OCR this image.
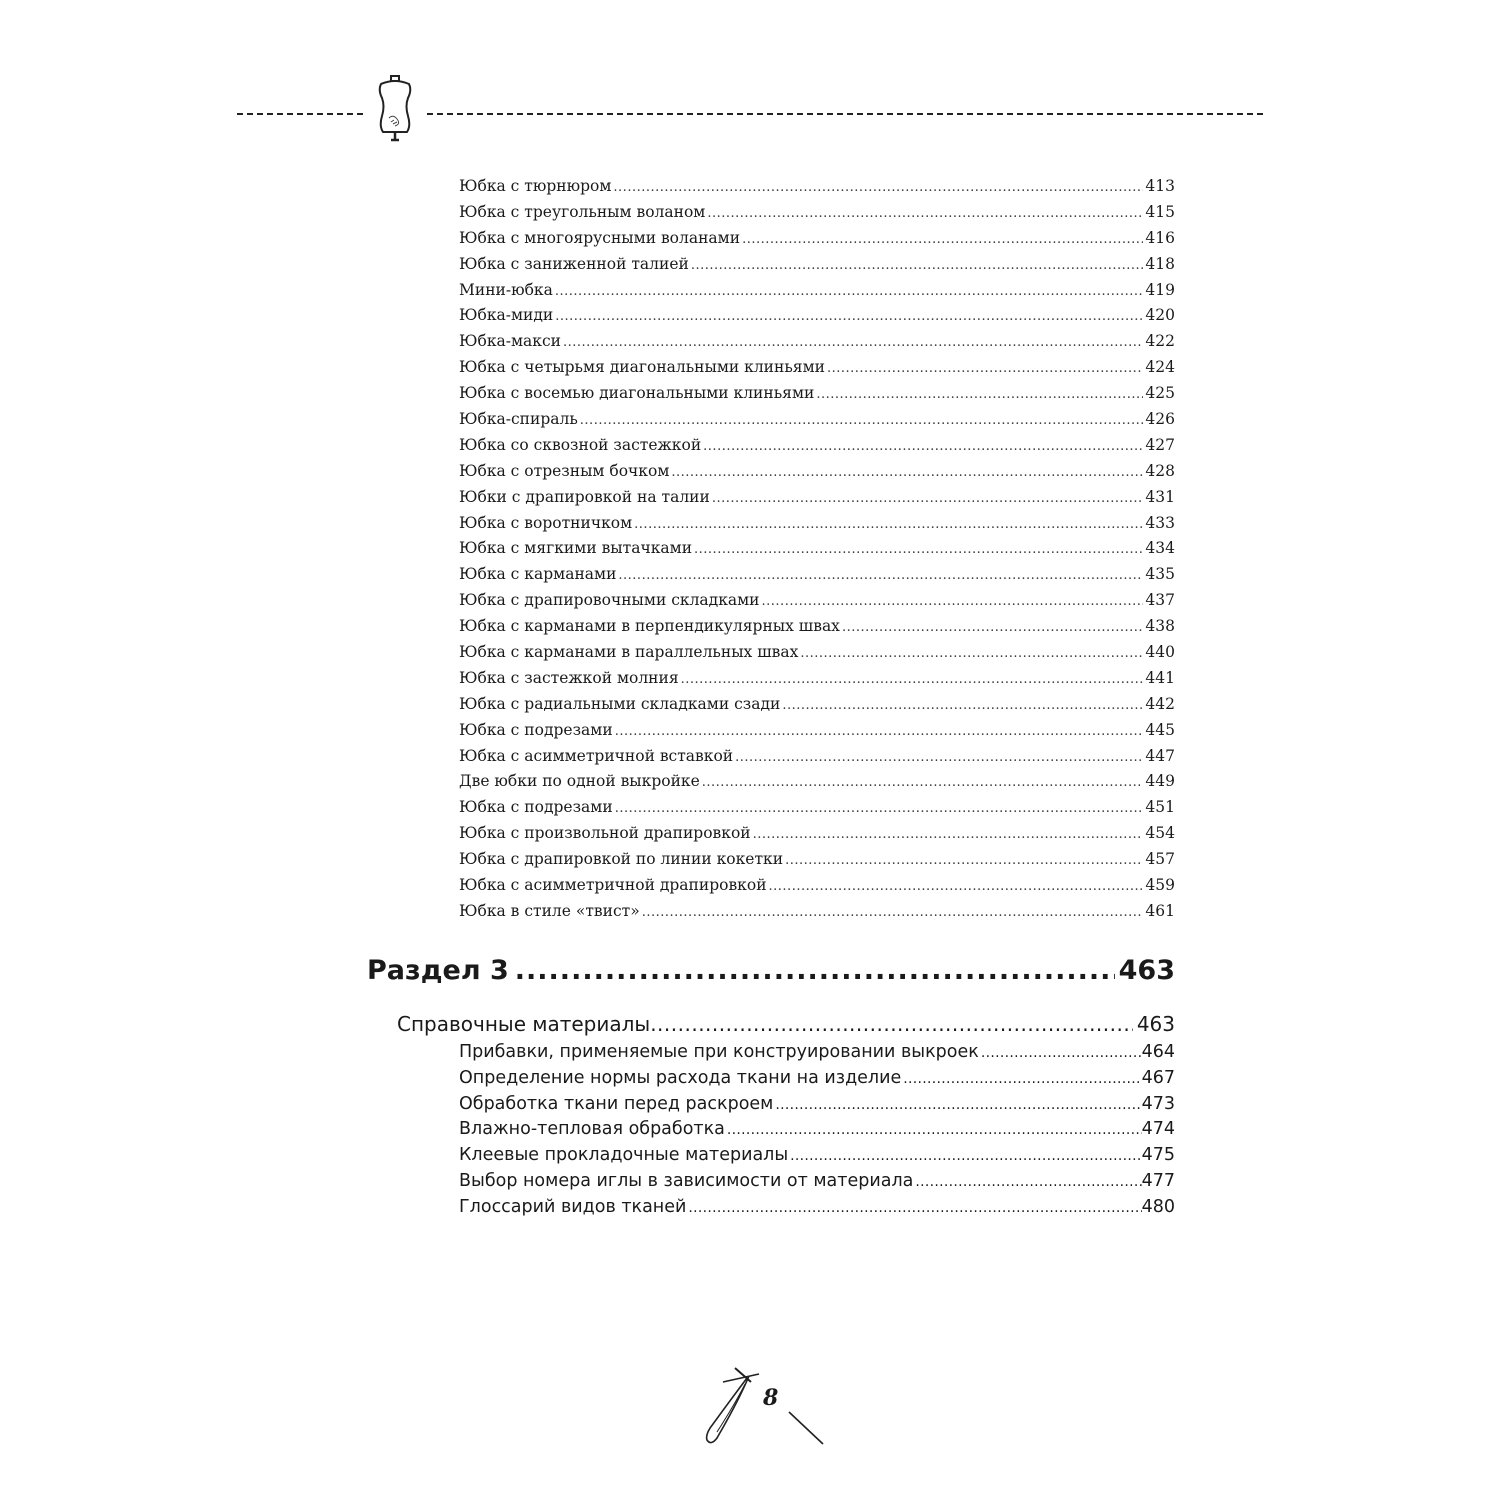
Юбка с тюрнюром .....	413
Юбка с треугольным воланом .....	415
Юбка с многоярусными воланами .....	416
Юбка с заниженной талией .....	418
Мини-юбка .....	419
Юбка-миди .....	420
Юбка-макси .....	422
Юбка с четырьмя диагональными клиньями .....	424
Юбка с восемью диагональными клиньями .....	425
Юбка-спираль .....	426
Юбка со сквозной застежкой .....	427
Юбка с отрезным бочком .....	428
Юбки с драпировкой на талии .....	431
Юбка с воротничком .....	433
Юбка с мягкими вытачками .....	434
Юбка с карманами .....	435
Юбка с драпировочными складками .....	437
Юбка с карманами в перпендикулярных швах .....	438
Юбка с карманами в параллельных швах .....	440
Юбка с застежкой молния .....	441
Юбка с радиальными складками сзади .....	442
Юбка с подрезами .....	445
Юбка с асимметричной вставкой .....	447
Две юбки по одной выкройке .....	449
Юбка с подрезами .....	451
Юбка с произвольной драпировкой .....	454
Юбка с драпировкой по линии кокетки .....	457
Юбка с асимметричной драпировкой .....	459
Юбка в стиле «твист» .....	461
Раздел 3 .....	463
Справочные материалы .....	463
Прибавки, применяемые при конструировании выкроек .....	464
Определение нормы расхода ткани на изделие .....	467
Обработка ткани перед раскроем .....	473
Влажно-тепловая обработка .....	474
Клеевые прокладочные материалы .....	475
Выбор номера иглы в зависимости от материала .....	477
Глоссарий видов тканей .....	480
8
